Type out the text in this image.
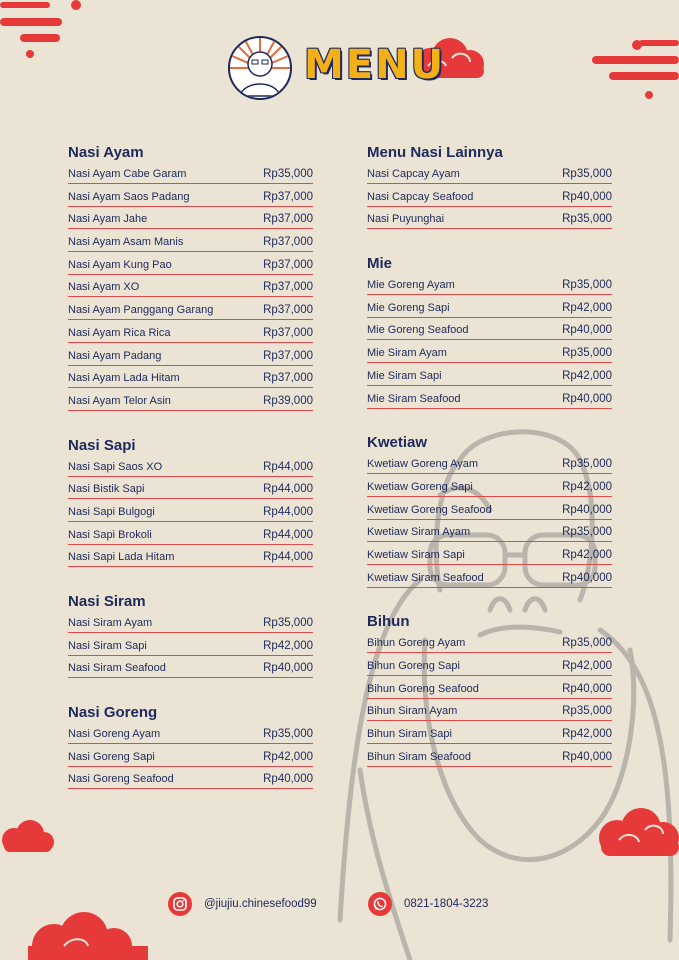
MENU
Nasi Ayam
Nasi Ayam Cabe Garam	Rp35,000
Nasi Ayam Saos Padang	Rp37,000
Nasi Ayam Jahe	Rp37,000
Nasi Ayam Asam Manis	Rp37,000
Nasi Ayam Kung Pao	Rp37,000
Nasi Ayam XO	Rp37,000
Nasi Ayam Panggang Garang	Rp37,000
Nasi Ayam Rica Rica	Rp37,000
Nasi Ayam Padang	Rp37,000
Nasi Ayam Lada Hitam	Rp37,000
Nasi Ayam Telor Asin	Rp39,000
Nasi Sapi
Nasi Sapi Saos XO	Rp44,000
Nasi Bistik Sapi	Rp44,000
Nasi Sapi Bulgogi	Rp44,000
Nasi Sapi Brokoli	Rp44,000
Nasi Sapi Lada Hitam	Rp44,000
Nasi Siram
Nasi Siram Ayam	Rp35,000
Nasi Siram Sapi	Rp42,000
Nasi Siram Seafood	Rp40,000
Nasi Goreng
Nasi Goreng Ayam	Rp35,000
Nasi Goreng Sapi	Rp42,000
Nasi Goreng Seafood	Rp40,000
Menu Nasi Lainnya
Nasi Capcay Ayam	Rp35,000
Nasi Capcay Seafood	Rp40,000
Nasi Puyunghai	Rp35,000
Mie
Mie Goreng Ayam	Rp35,000
Mie Goreng Sapi	Rp42,000
Mie Goreng Seafood	Rp40,000
Mie Siram Ayam	Rp35,000
Mie Siram Sapi	Rp42,000
Mie Siram Seafood	Rp40,000
Kwetiaw
Kwetiaw Goreng Ayam	Rp35,000
Kwetiaw Goreng Sapi	Rp42,000
Kwetiaw Goreng Seafood	Rp40,000
Kwetiaw Siram Ayam	Rp35,000
Kwetiaw Siram Sapi	Rp42,000
Kwetiaw Siram Seafood	Rp40,000
Bihun
Bihun Goreng Ayam	Rp35,000
Bihun Goreng Sapi	Rp42,000
Bihun Goreng Seafood	Rp40,000
Bihun Siram Ayam	Rp35,000
Bihun Siram Sapi	Rp42,000
Bihun Siram Seafood	Rp40,000
@jiujiu.chinesefood99	0821-1804-3223
